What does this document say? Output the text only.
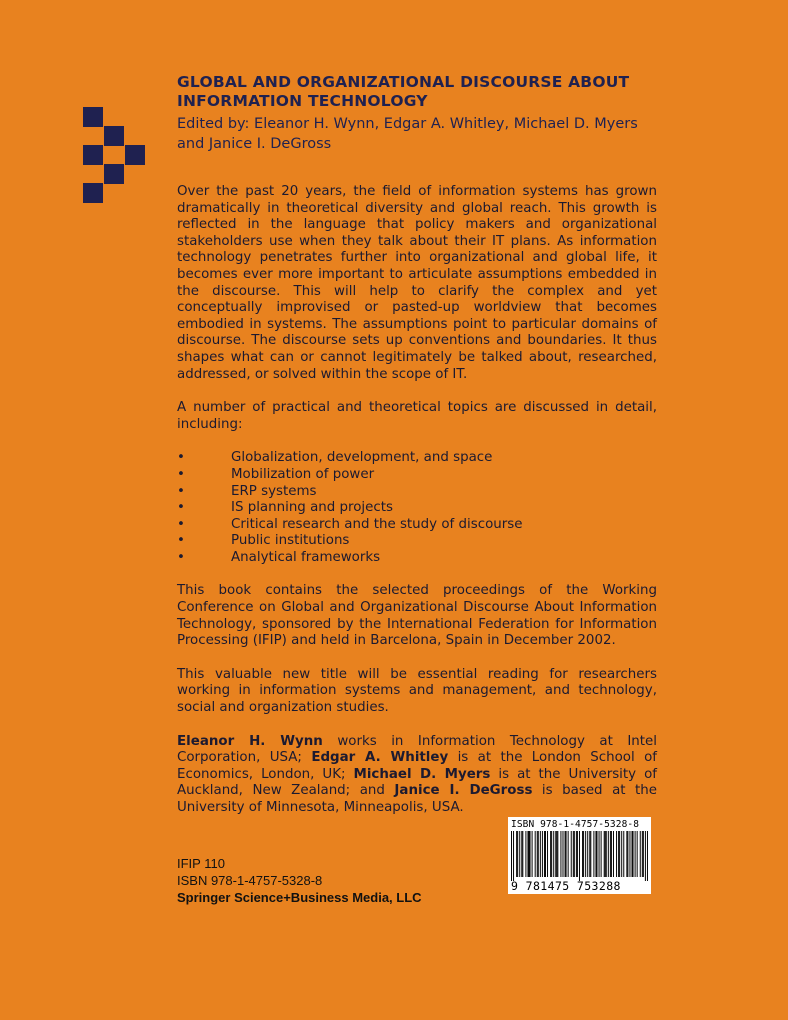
GLOBAL AND ORGANIZATIONAL DISCOURSE ABOUT INFORMATION TECHNOLOGY

Edited by: Eleanor H. Wynn, Edgar A. Whitley, Michael D. Myers and Janice I. DeGross

Over the past 20 years, the field of information systems has grown dramatically in theoretical diversity and global reach. This growth is reflected in the language that policy makers and organizational stakeholders use when they talk about their IT plans. As information technology penetrates further into organizational and global life, it becomes ever more important to articulate assumptions embedded in the discourse. This will help to clarify the complex and yet conceptually improvised or pasted-up worldview that becomes embodied in systems. The assumptions point to particular domains of discourse. The discourse sets up conventions and boundaries. It thus shapes what can or cannot legitimately be talked about, researched, addressed, or solved within the scope of IT.

A number of practical and theoretical topics are discussed in detail, including:

•	Globalization, development, and space
•	Mobilization of power
•	ERP systems
•	IS planning and projects
•	Critical research and the study of discourse
•	Public institutions
•	Analytical frameworks

This book contains the selected proceedings of the Working Conference on Global and Organizational Discourse About Information Technology, sponsored by the International Federation for Information Processing (IFIP) and held in Barcelona, Spain in December 2002.

This valuable new title will be essential reading for researchers working in information systems and management, and technology, social and organization studies.

Eleanor H. Wynn works in Information Technology at Intel Corporation, USA; Edgar A. Whitley is at the London School of Economics, London, UK; Michael D. Myers is at the University of Auckland, New Zealand; and Janice I. DeGross is based at the University of Minnesota, Minneapolis, USA.

IFIP 110
ISBN 978-1-4757-5328-8
Springer Science+Business Media, LLC
ISBN 978-1-4757-5328-8
9 781475 753288
